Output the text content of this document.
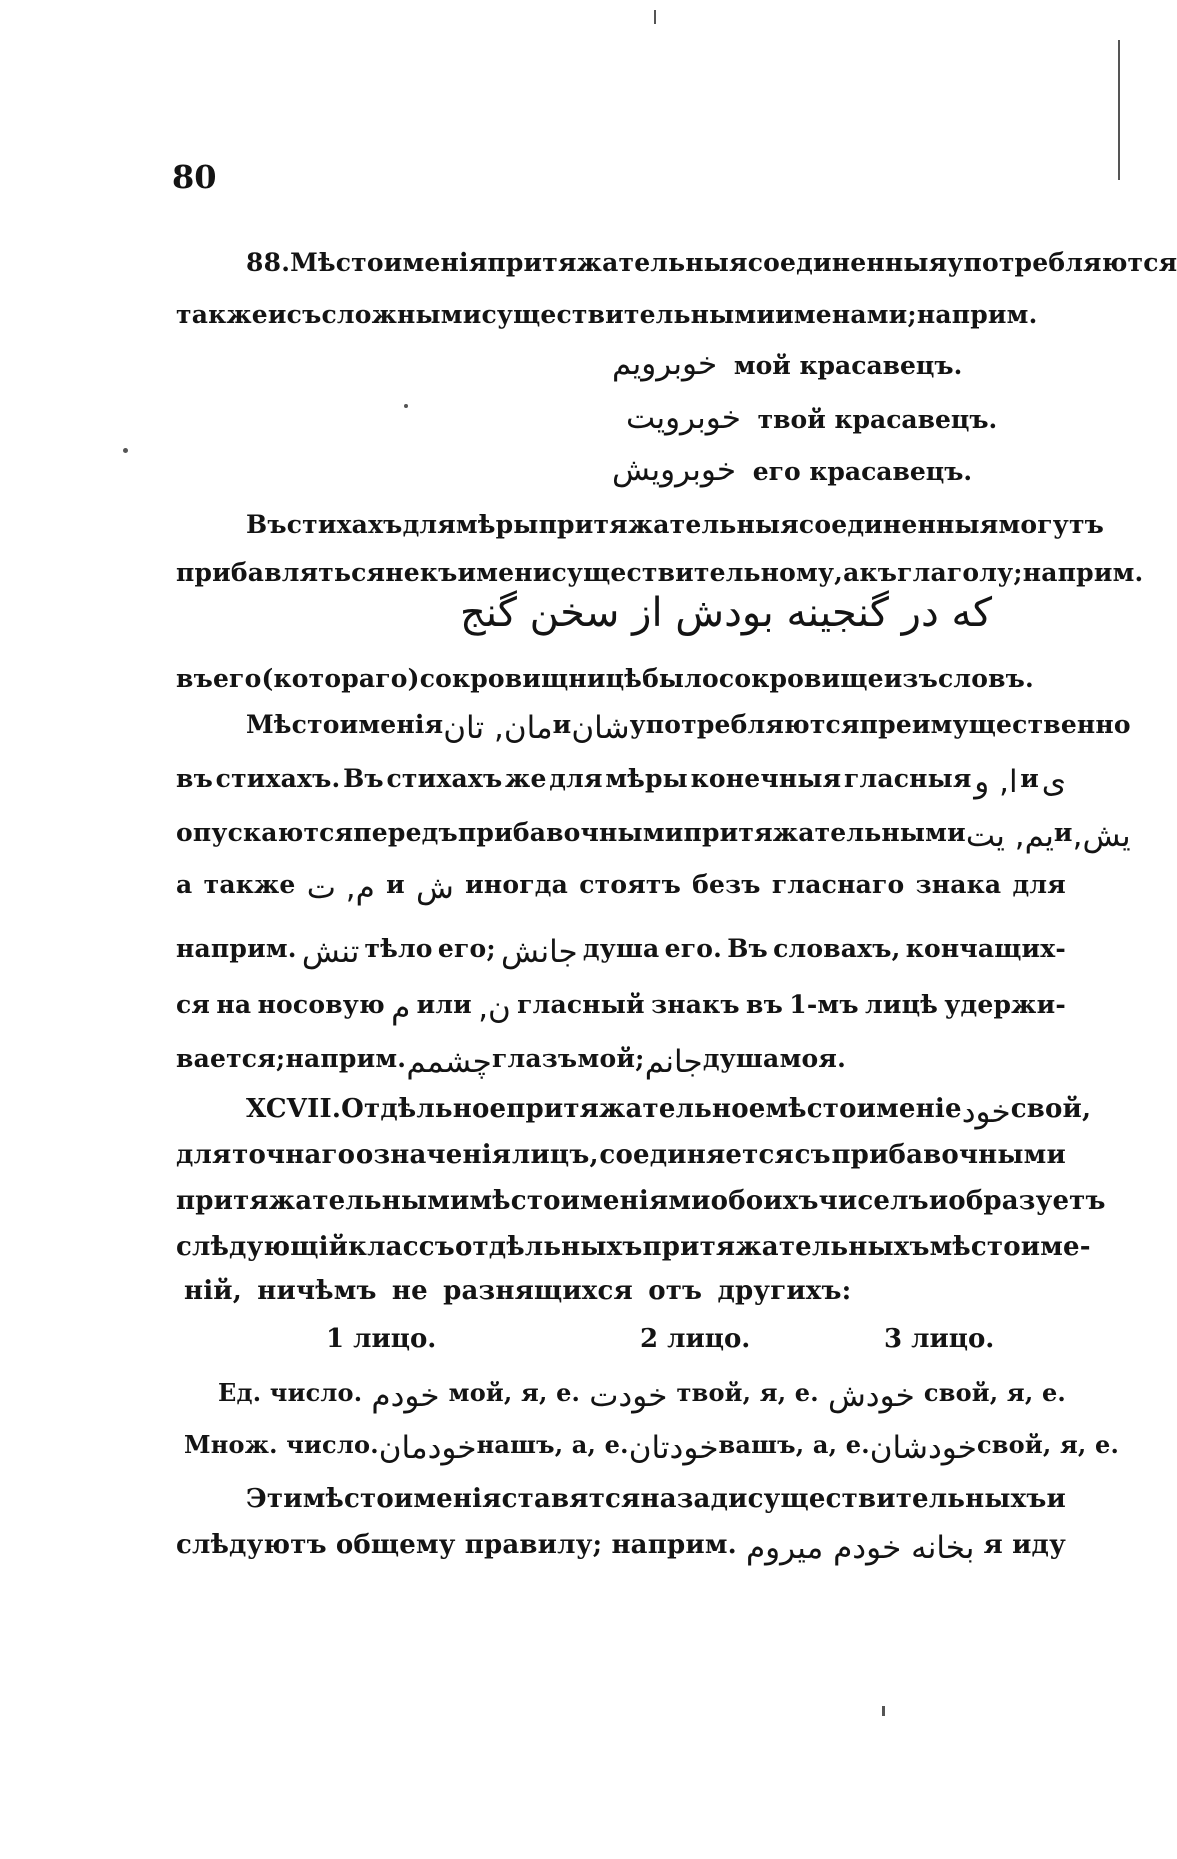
80
88. Мѣстоименія притяжательныя соединенныя употребляются
также и съ сложными существительными именами; наприм.
خوبرویم мой красавецъ.
خوبرویت твой красавецъ.
خوبرویش его красавецъ.
Въ стихахъ для мѣры притяжательныя соединенныя могутъ
прибавляться не къ имени существительному, а къ глаголу; наприм.
که در گنجینه بودش از سخن گنج
въ его (котораго) сокровищницѣ было сокровище изъ словъ.
Мѣстоименія مان, تان и شان употребляются преимущественно
въ стихахъ. Въ стихахъ же для мѣры конечныя гласныя ا, و и ی
опускаются передъ прибавочными притяжательными یم, یت и یش,
а также م, ت и ش иногда стоятъ безъ гласнаго знака для
наприм. تنش тѣло его; جانش душа его. Въ словахъ, кончащих-
ся на носовую م или ن, гласный знакъ въ 1-мъ лицѣ удержи-
вается; наприм. چشمم глазъ мой; جانم душа моя.
XCVII. Отдѣльное притяжательное мѣстоименіе خود свой,
для точнаго означенія лицъ, соединяется съ прибавочными
притяжательными мѣстоименіями обоихъ чиселъ и образуетъ
слѣдующій классъ отдѣльныхъ притяжательныхъ мѣстоиме-
ній, ничѣмъ не разнящихся отъ другихъ:
1 лицо.	2 лицо.	3 лицо.
Ед. число. خودم мой, я, е. خودت твой, я, е. خودش свой, я, е.
Множ. число. خودمان нашъ, а, е. خودتان вашъ, а, е. خودشان свой, я, е.
Эти мѣстоименія ставятся назади существительныхъ и
слѣдуютъ общему правилу; наприм. بخانه خودم میروم я иду
